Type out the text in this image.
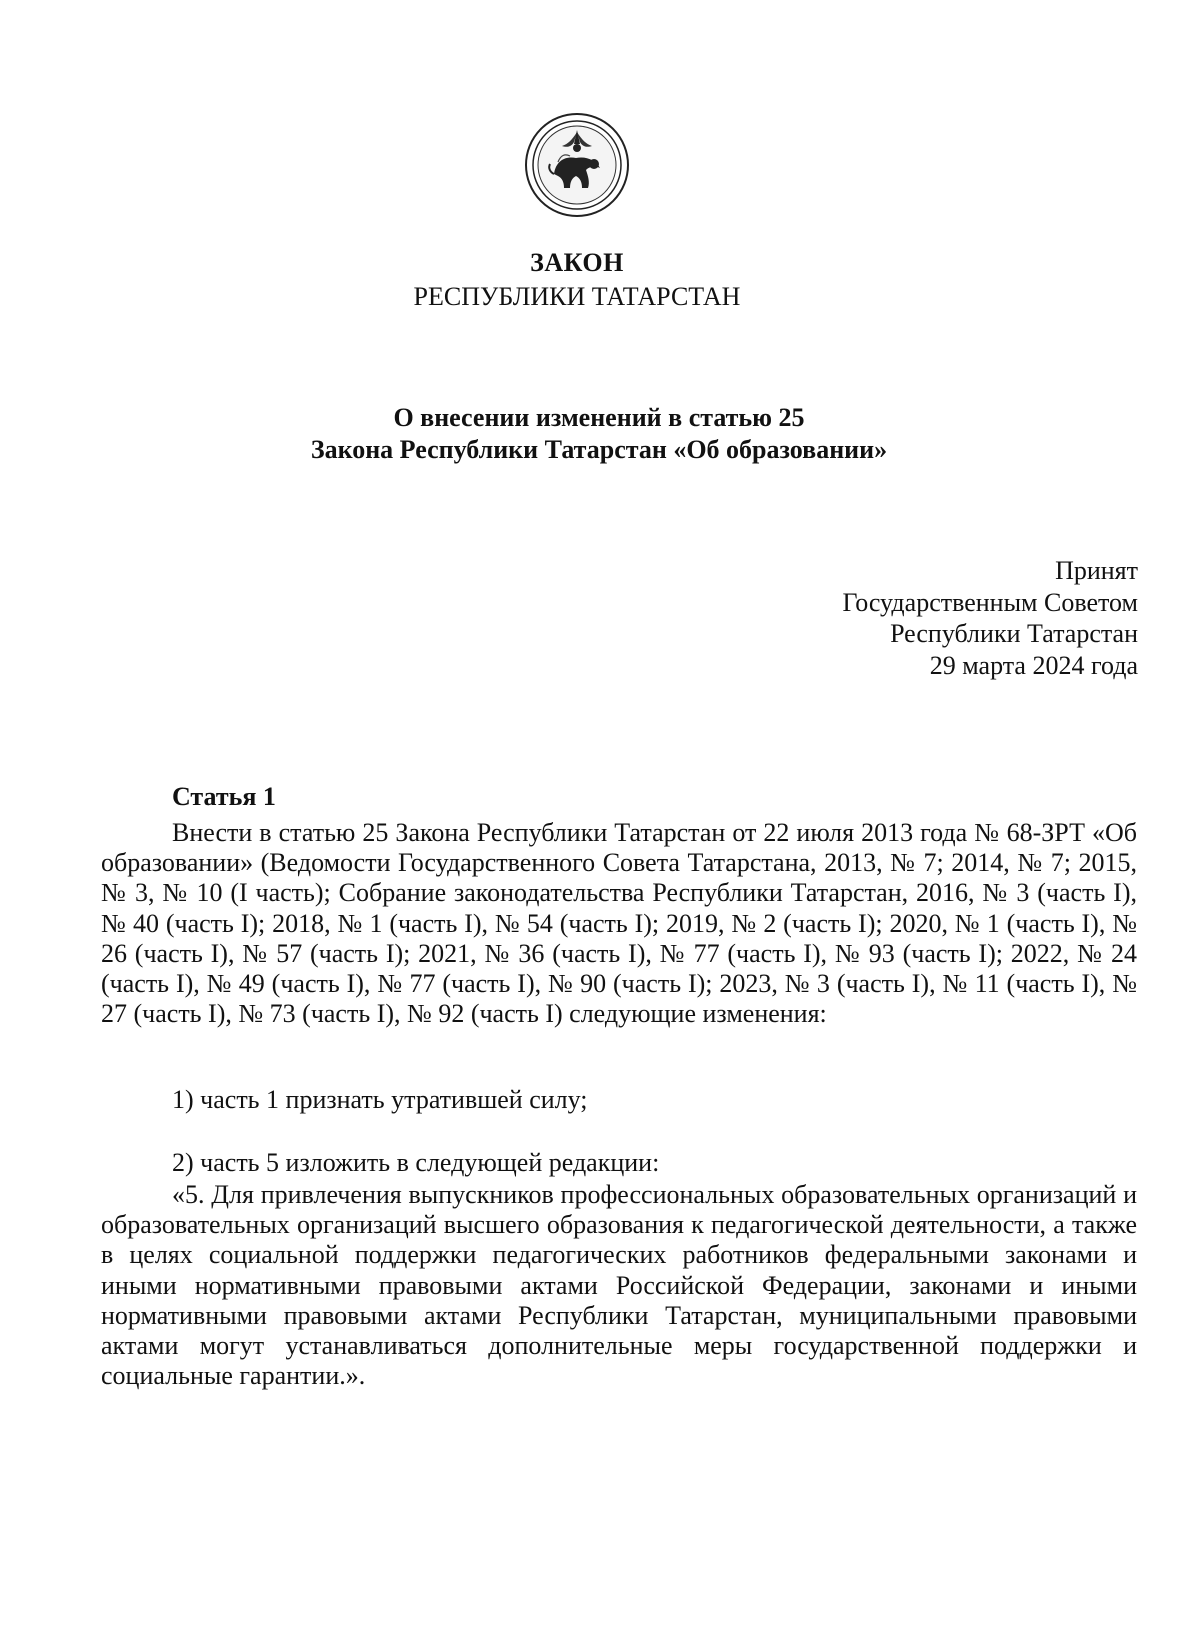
ЗАКОН
РЕСПУБЛИКИ ТАТАРСТАН
О внесении изменений в статью 25
Закона Республики Татарстан «Об образовании»
Принят
Государственным Советом
Республики Татарстан
29 марта 2024 года
Статья 1

Внести в статью 25 Закона Республики Татарстан от 22 июля 2013 года № 68-ЗРТ «Об образовании» (Ведомости Государственного Совета Татарстана, 2013, № 7; 2014, № 7; 2015, № 3, № 10 (I часть); Собрание законодательства Республики Татарстан, 2016, № 3 (часть I), № 40 (часть I); 2018, № 1 (часть I), № 54 (часть I); 2019, № 2 (часть I); 2020, № 1 (часть I), № 26 (часть I), № 57 (часть I); 2021, № 36 (часть I), № 77 (часть I), № 93 (часть I); 2022, № 24 (часть I), № 49 (часть I), № 77 (часть I), № 90 (часть I); 2023, № 3 (часть I), № 11 (часть I), № 27 (часть I), № 73 (часть I), № 92 (часть I) следующие изменения:

1) часть 1 признать утратившей силу;

2) часть 5 изложить в следующей редакции:

«5. Для привлечения выпускников профессиональных образовательных организаций и образовательных организаций высшего образования к педагогической деятельности, а также в целях социальной поддержки педагогических работников федеральными законами и иными нормативными правовыми актами Российской Федерации, законами и иными нормативными правовыми актами Республики Татарстан, муниципальными правовыми актами могут устанавливаться дополнительные меры государственной поддержки и социальные гарантии.».
